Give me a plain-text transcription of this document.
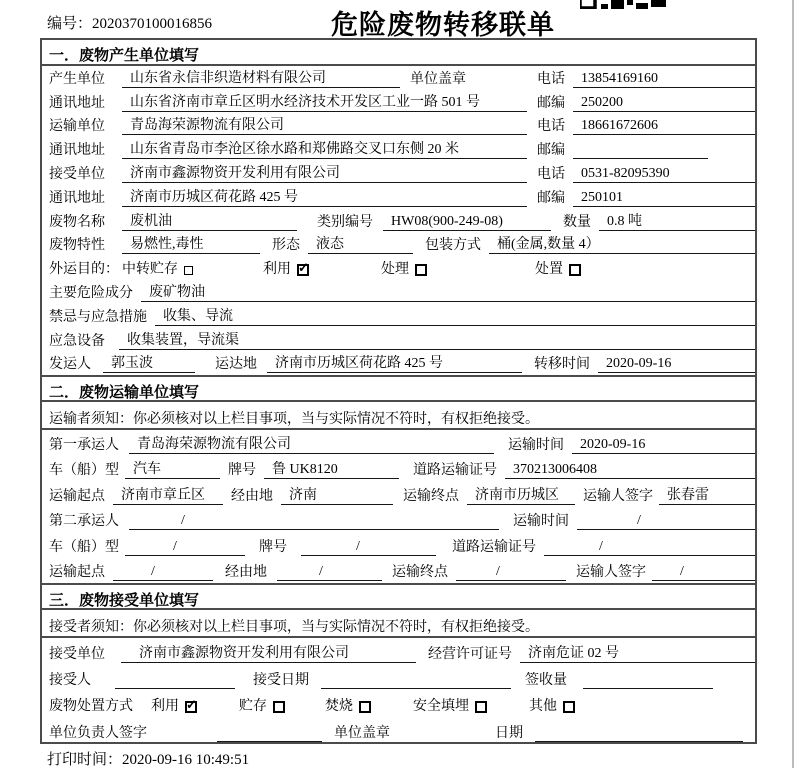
编号：2020370100016856	危险废物转移联单
一．废物产生单位填写
产生单位	山东省永信非织造材料有限公司	单位盖章	电话	13854169160
通讯地址	山东省济南市章丘区明水经济技术开发区工业一路 501 号	邮编	250200
运输单位	青岛海荣源物流有限公司	电话	18661672606
通讯地址	山东省青岛市李沧区徐水路和郑佛路交叉口东侧 20 米	邮编
接受单位	济南市鑫源物资开发利用有限公司	电话	0531-82095390
通讯地址	济南市历城区荷花路 425 号	邮编	250101
废物名称	废机油	类别编号	HW08(900-249-08)	数量	0.8 吨
废物特性	易燃性,毒性	形态	液态	包装方式	桶(金属,数量 4）
外运目的： 中转贮存	利用 ✓	处理	处置
主要危险成分	废矿物油
禁忌与应急措施	收集、导流
应急设备	收集装置，导流渠
发运人	郭玉波	运达地	济南市历城区荷花路 425 号	转移时间	2020-09-16
二．废物运输单位填写
运输者须知：你必须核对以上栏目事项，当与实际情况不符时，有权拒绝接受。
第一承运人	青岛海荣源物流有限公司	运输时间	2020-09-16
车（船）型	汽车	牌号	鲁 UK8120	道路运输证号	370213006408
运输起点	济南市章丘区	经由地	济南	运输终点	济南市历城区	运输人签字	张春雷
第二承运人	/	运输时间	/
车（船）型	/	牌号	/	道路运输证号	/
运输起点	/	经由地	/	运输终点	/	运输人签字	/
三．废物接受单位填写
接受者须知：你必须核对以上栏目事项，当与实际情况不符时，有权拒绝接受。
接受单位	济南市鑫源物资开发利用有限公司	经营许可证号	济南危证 02 号
接受人	接受日期	签收量
废物处置方式 利用 ✓	贮存	焚烧	安全填埋	其他
单位负责人签字	单位盖章	日期
打印时间：2020-09-16 10:49:51
